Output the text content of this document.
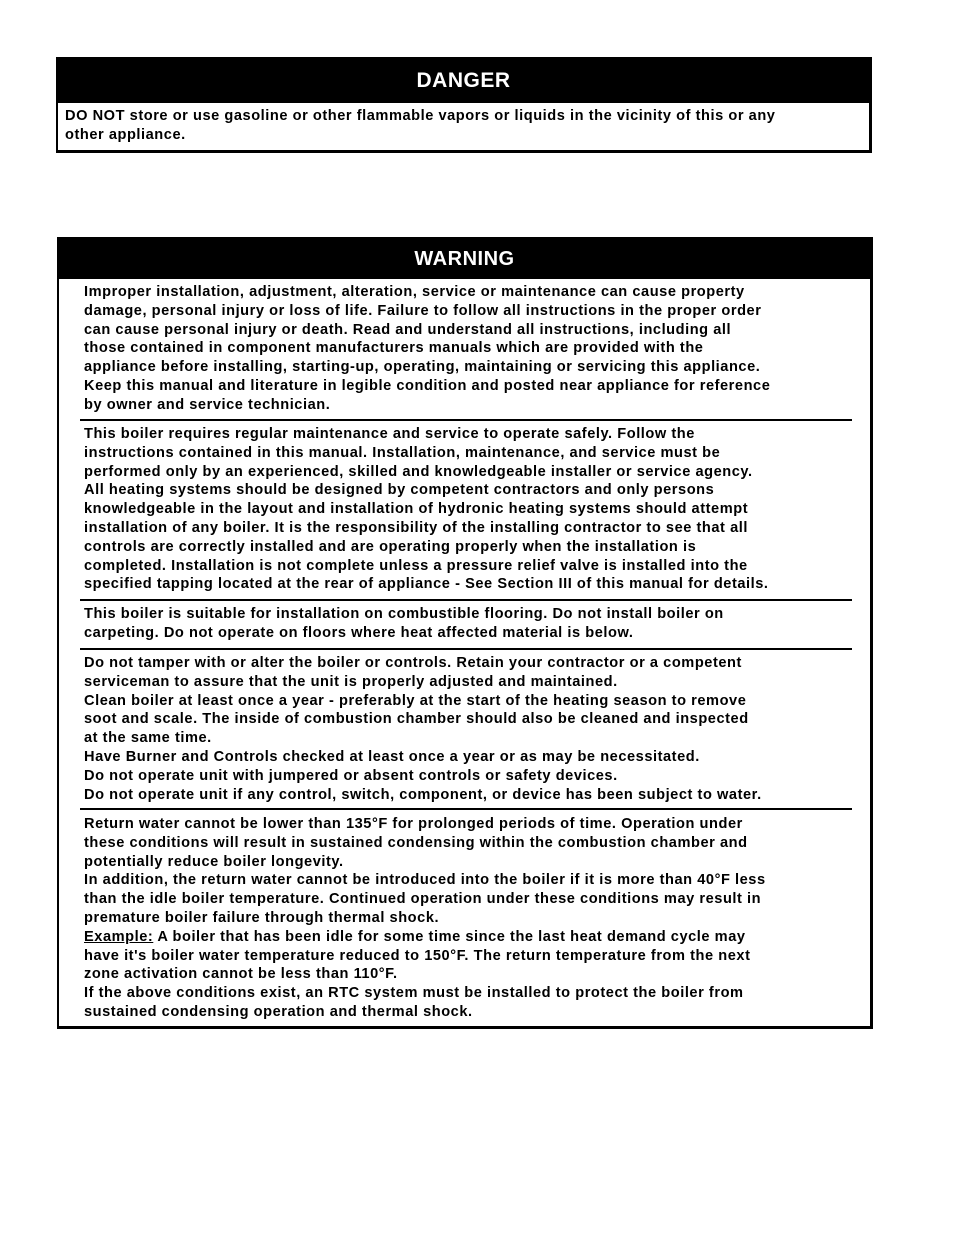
DANGER
DO NOT store or use gasoline or other flammable vapors or liquids in the vicinity of this or any
other appliance.
WARNING
Improper installation, adjustment, alteration, service or maintenance can cause property
damage, personal injury or loss of life. Failure to follow all instructions in the proper order
can cause personal injury or death. Read and understand all instructions, including all
those contained in component manufacturers manuals which are provided with the
appliance before installing, starting-up, operating, maintaining or servicing this appliance.
Keep this manual and literature in legible condition and posted near appliance for reference
by owner and service technician.
This boiler requires regular maintenance and service to operate safely. Follow the
instructions contained in this manual. Installation, maintenance, and service must be
performed only by an experienced, skilled and knowledgeable installer or service agency.
All heating systems should be designed by competent contractors and only persons
knowledgeable in the layout and installation of hydronic heating systems should attempt
installation of any boiler. It is the responsibility of the installing contractor to see that all
controls are correctly installed and are operating properly when the installation is
completed. Installation is not complete unless a pressure relief valve is installed into the
specified tapping located at the rear of appliance - See Section III of this manual for details.
This boiler is suitable for installation on combustible flooring. Do not install boiler on
carpeting. Do not operate on floors where heat affected material is below.
Do not tamper with or alter the boiler or controls. Retain your contractor or a competent
serviceman to assure that the unit is properly adjusted and maintained.
Clean boiler at least once a year - preferably at the start of the heating season to remove
soot and scale. The inside of combustion chamber should also be cleaned and inspected
at the same time.
Have Burner and Controls checked at least once a year or as may be necessitated.
Do not operate unit with jumpered or absent controls or safety devices.
Do not operate unit if any control, switch, component, or device has been subject to water.
Return water cannot be lower than 135°F for prolonged periods of time. Operation under
these conditions will result in sustained condensing within the combustion chamber and
potentially reduce boiler longevity.
In addition, the return water cannot be introduced into the boiler if it is more than 40°F less
than the idle boiler temperature. Continued operation under these conditions may result in
premature boiler failure through thermal shock.
Example: A boiler that has been idle for some time since the last heat demand cycle may
have it's boiler water temperature reduced to 150°F. The return temperature from the next
zone activation cannot be less than 110°F.
If the above conditions exist, an RTC system must be installed to protect the boiler from
sustained condensing operation and thermal shock.
